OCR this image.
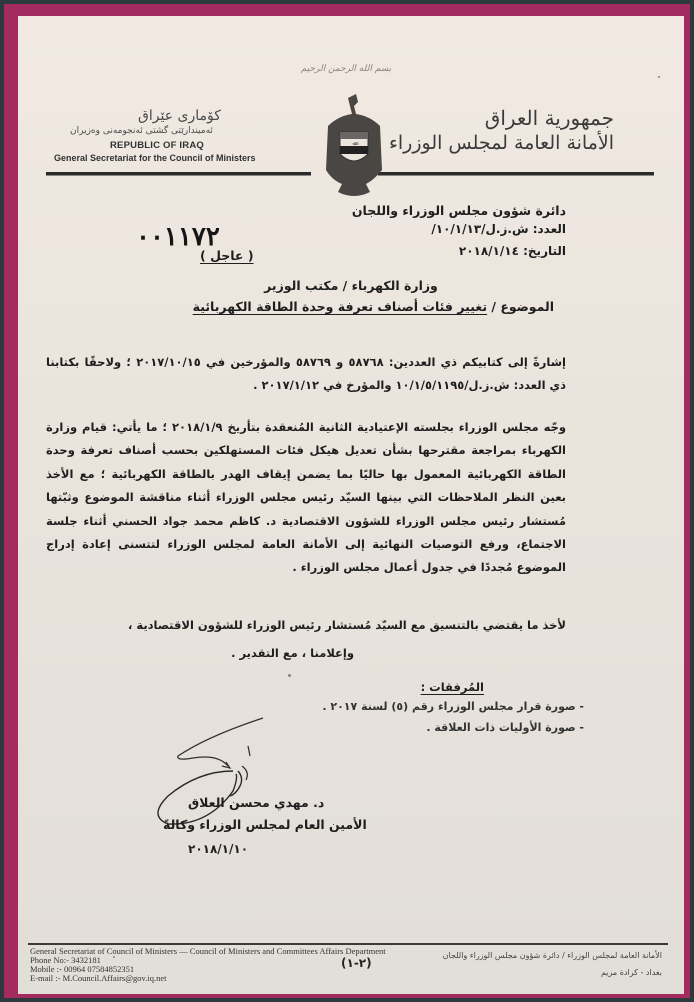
بسم الله الرحمن الرحيم
جمهورية العراق
الأمانة العامة لمجلس الوزراء
كۆماری عێراق
ئەمیندارێتی گشتی ئەنجومەنی وەزیران
REPUBLIC OF IRAQ
General Secretariat for the Council of Ministers
ﷲ
دائرة شؤون مجلس الوزراء واللجان
العدد: ش.ز.ل/١٠/١/١٣/
التاريخ: ٢٠١٨/١/١٤
٠٠١١٧٢
( عاجل )
وزارة الكهرباء / مكتب الوزير
الموضوع / تغيير فئات أصناف تعرفة وحدة الطاقة الكهربائية
إشارةً إلى كتابيكم ذي العددين: ٥٨٧٦٨ و ٥٨٧٦٩ والمؤرخين في ٢٠١٧/١٠/١٥ ؛ ولاحقًا بكتابنا ذي العدد: ش.ز.ل/١٠/١/٥/١١٩٥ والمؤرخ في ٢٠١٧/١/١٢ .
وجّه مجلس الوزراء بجلسته الإعتيادية الثانية المُنعقدة بتأريخ ٢٠١٨/١/٩ ؛ ما يأتي: قيام وزارة الكهرباء بمراجعة مقترحها بشأن تعديل هيكل فئات المستهلكين بحسب أصناف تعرفة وحدة الطاقة الكهربائية المعمول بها حاليًا بما يضمن إيقاف الهدر بالطاقة الكهربائية ؛ مع الأخذ بعين النظر الملاحظات التي بينها السيّد رئيس مجلس الوزراء أثناء مناقشة الموضوع وثبّتها مُستشار رئيس مجلس الوزراء للشؤون الاقتصادية د. كاظم محمد جواد الحسني أثناء جلسة الاجتماع، ورفع التوصيات النهائية إلى الأمانة العامة لمجلس الوزراء لتتسنى إعادة إدراج الموضوع مُجددًا في جدول أعمال مجلس الوزراء .
لأخذ ما يقتضي بالتنسيق مع السيّد مُستشار رئيس الوزراء للشؤون الاقتصادية ،
وإعلامنا ، مع التقدير .
المُرفقات :
- صورة قرار مجلس الوزراء رقم (٥) لسنة ٢٠١٧ .
- صورة الأوليات ذات العلاقة .
د. مهدي محسن العلاق
الأمين العام لمجلس الوزراء وكالةً
٢٠١٨/١/١٠
General Secretariat of Council of Ministers — Council of Ministers and Committees Affairs Department
Phone No:- 3432181
Mobile :- 00964 07584852351
E-mail :- M.Council.Affairs@gov.iq.net
(٢-١)
الأمانة العامة لمجلس الوزراء / دائرة شؤون مجلس الوزراء واللجان
بغداد - كرادة مريم
